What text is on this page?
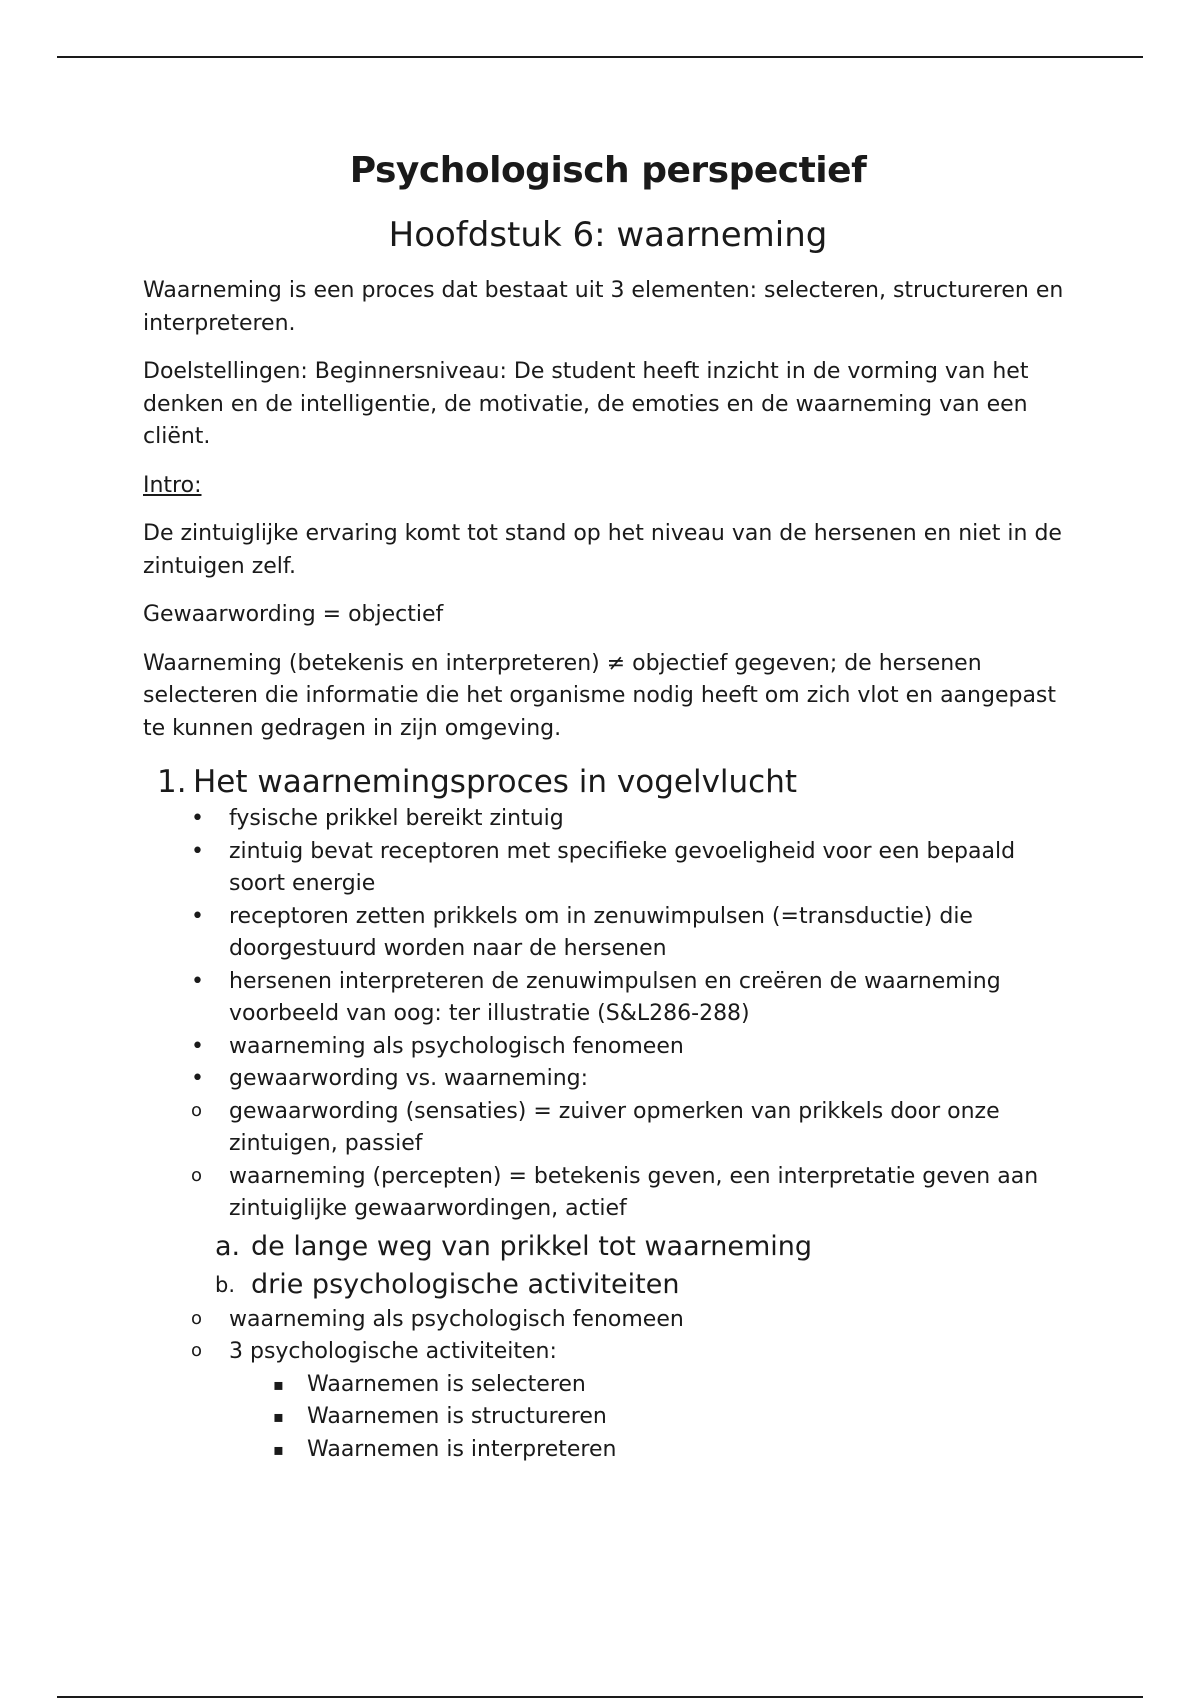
Psychologisch perspectief
Hoofdstuk 6: waarneming

Waarneming is een proces dat bestaat uit 3 elementen: selecteren, structureren en interpreteren.

Doelstellingen: Beginnersniveau: De student heeft inzicht in de vorming van het denken en de intelligentie, de motivatie, de emoties en de waarneming van een cliënt.

Intro:

De zintuiglijke ervaring komt tot stand op het niveau van de hersenen en niet in de zintuigen zelf.

Gewaarwording = objectief

Waarneming (betekenis en interpreteren) ≠ objectief gegeven; de hersenen selecteren die informatie die het organisme nodig heeft om zich vlot en aangepast te kunnen gedragen in zijn omgeving.

1. Het waarnemingsproces in vogelvlucht
• fysische prikkel bereikt zintuig
• zintuig bevat receptoren met specifieke gevoeligheid voor een bepaald soort energie
• receptoren zetten prikkels om in zenuwimpulsen (=transductie) die doorgestuurd worden naar de hersenen
• hersenen interpreteren de zenuwimpulsen en creëren de waarneming
voorbeeld van oog: ter illustratie (S&L286-288)
• waarneming als psychologisch fenomeen
• gewaarwording vs. waarneming:
o gewaarwording (sensaties) = zuiver opmerken van prikkels door onze zintuigen, passief
o waarneming (percepten) = betekenis geven, een interpretatie geven aan zintuiglijke gewaarwordingen, actief
a. de lange weg van prikkel tot waarneming
b. drie psychologische activiteiten
o waarneming als psychologisch fenomeen
o 3 psychologische activiteiten:
▪ Waarnemen is selecteren
▪ Waarnemen is structureren
▪ Waarnemen is interpreteren
